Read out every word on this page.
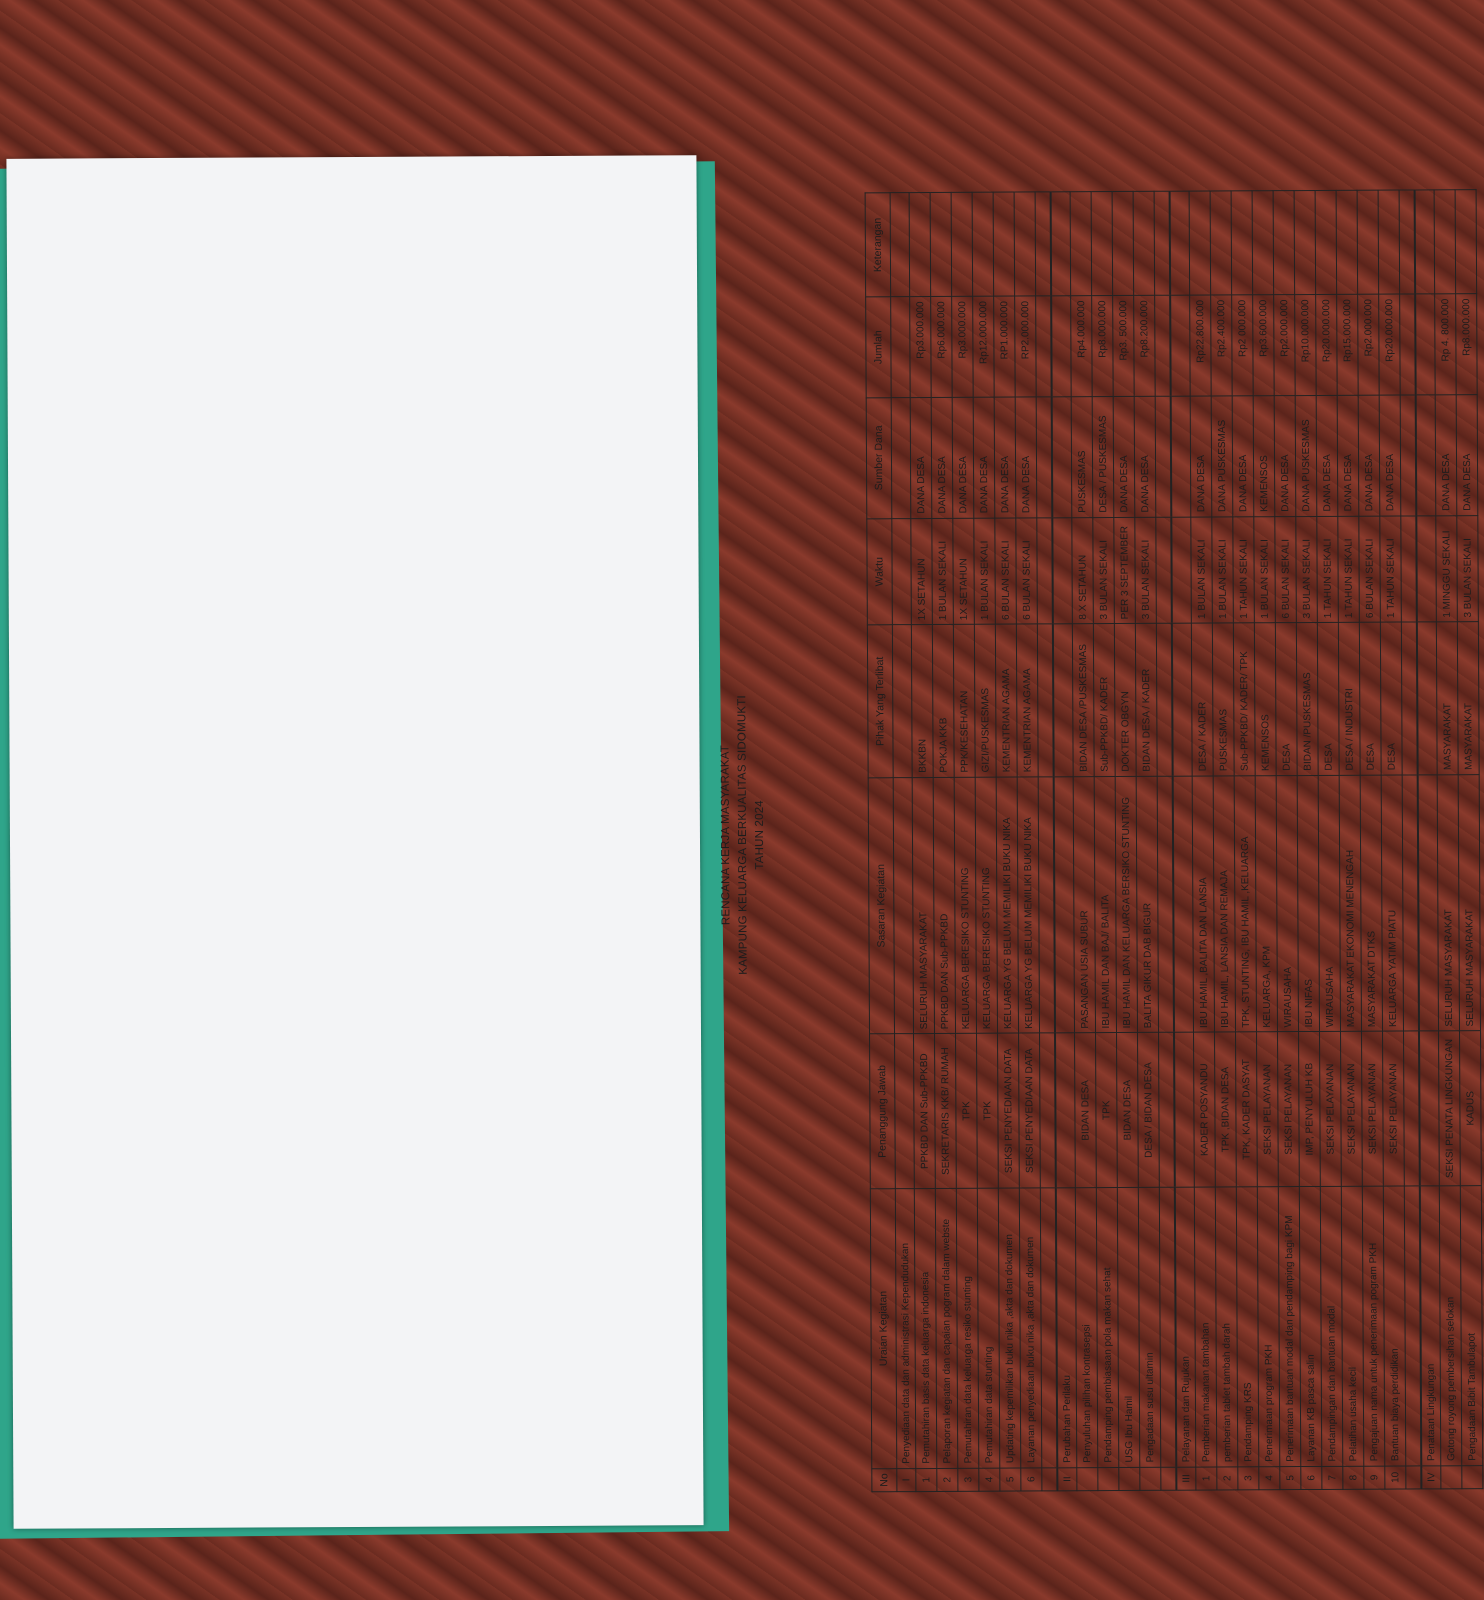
RENCANA KERJA MASYARAKAT KAMPUNG KELUARGA BERKUALITAS SIDOMUKTI TAHUN 2024
No	Uraian Kegiatan	Penanggung Jawab	Sasaran Kegiatan	Pihak Yang Terlibat	Waktu	Sumber Dana	Jumlah	Keterangan
I	Penyediaan data dan administrasi Kependudukan							
1	Pemutahiran basis data keluarga indonesia	PPKBD DAN Sub-PPKBD	SELURUH MASYARAKAT	BKKBN	1X SETAHUN	DANA DESA	Rp3.000.000	
2	Pelaporan kegiatan dan capaian pogram dalam webste	SEKRETARIS KKB/ RUMAH	PPKBD DAN Sub-PPKBD	POKJA KKB	1 BULAN SEKALI	DANA DESA	Rp6.000.000	
3	Pemutahiran data keluarga resiko stunting	TPK	KELUARGA BERESIKO STUNTING	PPK/KESEHATAN	1X SETAHUN	DANA DESA	Rp3.000.000	
4	Pemutahiran data stunting	TPK	KELUARGA BERESIKO STUNTING	GIZI/PUSKESMAS	1 BULAN SEKALI	DANA DESA	Rp12.000.000	
5	Updating kepemilikan buku nika ,akta dan dokumen	SEKSI PENYEDIAAN DATA	KELUARGA YG BELUM MEMILIKI BUKU NIKA	KEMENTRIAN AGAMA	6 BULAN SEKALI	DANA DESA	RP1.000.000	
6	Layanan penyediaan buku nika ,akta dan dokumen	SEKSI PENYEDIAAN DATA	KELUARGA YG BELUM MEMILIKI BUKU NIKA	KEMENTRIAN AGAMA	6 BULAN SEKALI	DANA DESA	RP2.000.000	

II	Perubahan Perilaku							
	Penyuluhan pilihan kontrasepsi	BIDAN DESA	PASANGAN USIA SUBUR	BIDAN DESA /PUSKESMAS	8 X SETAHUN	PUSKESMAS	Rp4.000.000	
	Pendamping pembiasaan pola makan sehat	TPK	IBU HAMIL DAN BAJ/ BALITA	Sub-PPKBD/ KADER	3 BULAN SEKALI	DESA / PUSKESMAS	Rp8.000.000	
	USG Ibu Hamil	BIDAN DESA	IBU HAMIL DAN KELUARGA BERSIKO STUNTING	DOKTER OBGYN	PER 3 SEPTEMBER	DANA DESA	Rp3. 500.000	
	Pengadaan susu ultamin	DESA / BIDAN DESA	BALITA GIKUR DAB BIGUR	BIDAN DESA / KADER	3 BULAN SEKALI	DANA DESA	Rp8.200.000	

III	Pelayanan dan Rujukan							
1	Pemberian makanan tambahan	KADER POSYANDU	IBU HAMIL ,BALITA DAN LANSIA	DESA / KADER	1 BULAN SEKALI	DANA DESA	Rp22.800.000	
2	pemberian tablet tambah darah	TPK ,BIDAN DESA	IBU HAMIL, LANSIA DAN REMAJA	PUSKESMAS	1 BULAN SEKALI	DANA PUSKESMAS	Rp2.400.000	
3	Pendamping KRS	TPK, KADER DASYAT	TPK, STUNTING, IBU HAMIL ,KELUARGA	Sub-PPKBD/ KADER/ TPK	1 TAHUN SEKALI	DANA DESA	Rp2 000.000	
4	Penerimaan program PKH	SEKSI PELAYANAN	KELUARGA, KPM	KEMENSOS	1 BULAN SEKALI	KEMENSOS	Rp3.600.000	
5	Penerimaan bantuan modal dan pendamping bagi KPM	SEKSI PELAYANAN	WIRAUSAHA	DESA	6 BULAN SEKALI	DANA DESA	Rp2.000.000	
6	Layanan KB pasca salin	IMP, PENYULUH KB	IBU NIFAS	BIDAN /PUSKESMAS	3 BULAN SEKALI	DANA PUSKESMAS	Rp10.000.000	
7	Pendampingan dan bantuan modal	SEKSI PELAYANAN	WIRAUSAHA	DESA	1 TAHUN SEKALI	DANA DESA	Rp20.000.000	
8	Pelatihan usaha kecil	SEKSI PELAYANAN	MASYARAKAT EKONOMI MENENGAH	DESA / INDUSTRI	1 TAHUN SEKALI	DANA DESA	Rp15.000.000	
9	Pengajuan nama untuk penerimaan pogram PKH	SEKSI PELAYANAN	MASYARAKAT DTKS	DESA	6 BULAN SEKALI	DANA DESA	Rp2.000.000	
10	Bantuan biaya perdidikan	SEKSI PELAYANAN	KELUARGA YATIM PIATU	DESA	1 TAHUN SEKALI	DANA DESA	Rp20.000.000	

IV	Penataan Lingkungan							
	Gotong royong pembersihan selokan	SEKSI PENATA LINGKUNGAN	SELURUH MASYARAKAT	MASYARAKAT	1 MINGGU SEKALI	DANA DESA	Rp 4. 800.000	
	Pengadaan Bibit Tambulapot	KADUS	SELURUH MASYARAKAT	MASYARAKAT	3 BULAN SEKALI	DANA DESA	Rp8.000.000	
